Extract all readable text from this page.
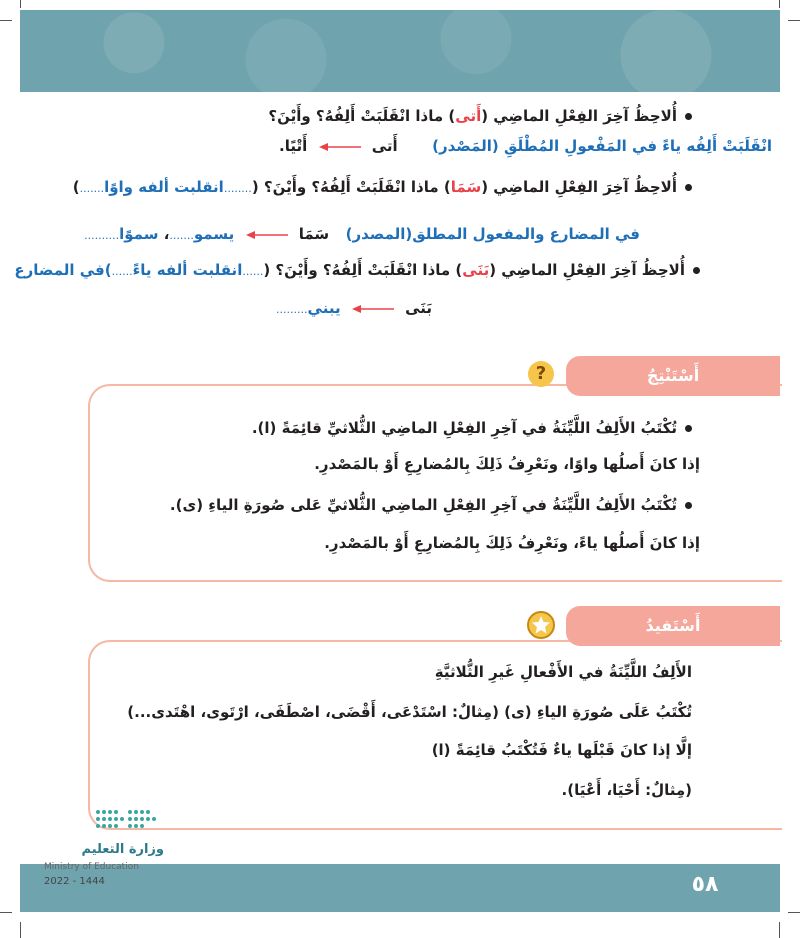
أُلاحِظُ آخِرَ الفِعْلِ الماضِي (أَتى) ماذا انْقَلَبَتْ أَلِفُهُ؟ وأَيْنَ؟
انْقَلَبَتْ أَلِفُه ياءً في المَفْعولِ المُطْلَقِ (المَصْدر)  أَتى  أَتْيًا.
أُلاحِظُ آخِرَ الفِعْلِ الماضِي (سَمَا) ماذا انْقَلَبَتْ أَلِفُهُ؟ وأَيْنَ؟ (........انقلبت ألفه واوًا.......)
في المضارع والمفعول المطلق(المصدر)  سَمَا  يسمو.......، سموًا..........
أُلاحِظُ آخِرَ الفِعْلِ الماضِي (بَنَى) ماذا انْقَلَبَتْ أَلِفُهُ؟ وأَيْنَ؟ (......انقلبت ألفه ياءً......)في المضارع
بَنَى  يبني.........
أَسْتَنْتِجُ
?
تُكْتَبُ الأَلِفُ اللَّيِّنَةُ في آخِرِ الفِعْلِ الماضِي الثُّلاثيِّ قائِمَةً (ا).
إذا كانَ أَصلُها واوًا، ونَعْرِفُ ذَلِكَ بِالمُضارِعِ أَوْ بالمَصْدرِ.
تُكْتَبُ الأَلِفُ اللَّيِّنَةُ في آخِرِ الفِعْلِ الماضِي الثُّلاثيِّ عَلى صُورَةِ الياءِ (ى).
إذا كانَ أَصلُها ياءً، ونَعْرِفُ ذَلِكَ بِالمُضارِعِ أَوْ بالمَصْدرِ.
أَسْتَفيدُ
الأَلِفُ اللَّيِّنَةُ في الأَفْعالِ غَيرِ الثُّلاثيَّةِ
تُكْتَبُ عَلَى صُورَةِ الياءِ (ى) (مِثالٌ: اسْتَدْعَى، أَقْضَى، اصْطَفَى، ارْتَوى، اهْتَدى...)
إلَّا إذا كانَ قَبْلَها ياءٌ فَتُكْتَبُ قائِمَةً (ا)
(مِثالٌ: أَحْيَا، أَعْيَا).
وزارة التعليم
Ministry of Education
2022 - 1444	٥٨
